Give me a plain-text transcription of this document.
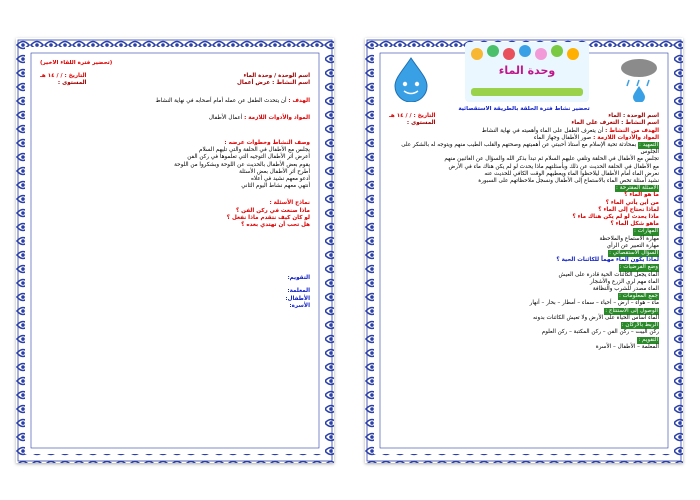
(تحضير فترة اللقاء الأخير)
اسم الوحدة / وحدة الماء
اسم النشاط : عرض أعمال
التاريخ : / / ١٤ هـ
المستوى :
الهدف : أن يتحدث الطفل عن عمله أمام أصحابه في نهاية النشاط
المواد والأدوات اللازمة : أعمال الأطفال
وصف النشاط وخطوات عرضه :
يجلس مع الأطفال في الحلقة والتي تليهم السلام
أعرض أثر الأطفال التوجيه التي تعلموها في ركن الفن
يقوم بعض الأطفال بالحديث عن اللوحة وبشكروا من اللوحة
أطرح أثر الأطفال بعض الأسئلة
أدعو معهم نشيد في أعلاه
أنتهي معهم نشاط اليوم الثاني
نماذج الأسئلة :
ماذا صنعت في ركن الفن ؟
لو كان كيف نتقدم ماذا نفعل ؟
هل تحب أن تهتدي بعده ؟
التقويم:
المعلمة:
الأطفال:
الأسرة:
وحدة الماء
تحضير نشاط فترة الحلقة بالطريقة الاستقصائية
اسم الوحدة : الماء
اسم النشاط : التعرف على الماء
التاريخ : / / ١٤ هـ
المستوى :
الهدف من النشاط : أن يتعرف الطفل على الماء وأهميته في نهاية النشاط
المواد والأدوات اللازمة : صور الأطفال وجهاز الماء
التمهيد : بمحادثة تحية الإسلام مع أستاذ أحببتي عن أهميتهم وصحتهم والقلب الطيب منهم ويتوجه له بالشكر على الجلوس
تجلس مع الأطفال في الحلقة وتلقي عليهم السلام ثم تبدأ بذكر الله والسؤال عن الغائبين منهم
مع الأطفال في الحلقة الحديث عن ذلك وبأسئلتهم ماذا يحدث لو لم يكن هناك ماء في الأرض
نعرض الماء أمام الأطفال ليلاحظوا الماء ويعطيهم الوقت الكافي للحديث عنه
نشيد أسئلة تخص الماء بالاستماع إلى الأطفال ونسجل ملاحظاتهم على السبورة
الأسئلة المقترحة :
ما هو الماء ؟
من أين يأتي الماء ؟
لماذا نحتاج إلى الماء ؟
ماذا يحدث لو لم يكن هناك ماء ؟
ماهو شكل الماء ؟
المهارات :
مهارة الاستماع والملاحظة
مهارة التعبير عن الرأي
السؤال الاستقصائي :
لماذا يكون الماء مهماً للكائنات الحية ؟
وضع الفرضيات :
الماء يجعل الكائنات الحية قادرة على العيش
الماء مهم لري الزرع والأشجار
الماء مصدر للشرب والنظافة
جمع المعلومات :
ماء – هواء – أرض – أحياء – سماء – أمطار – بحار – أنهار
الوصول إلى الاستنتاج :
الماء أساس الحياة على الأرض ولا تعيش الكائنات بدونه
الربط بالأركان :
ركن البيت – ركن الفن – ركن المكتبة – ركن العلوم
التقويم :
المعلمة – الأطفال – الأسرة
